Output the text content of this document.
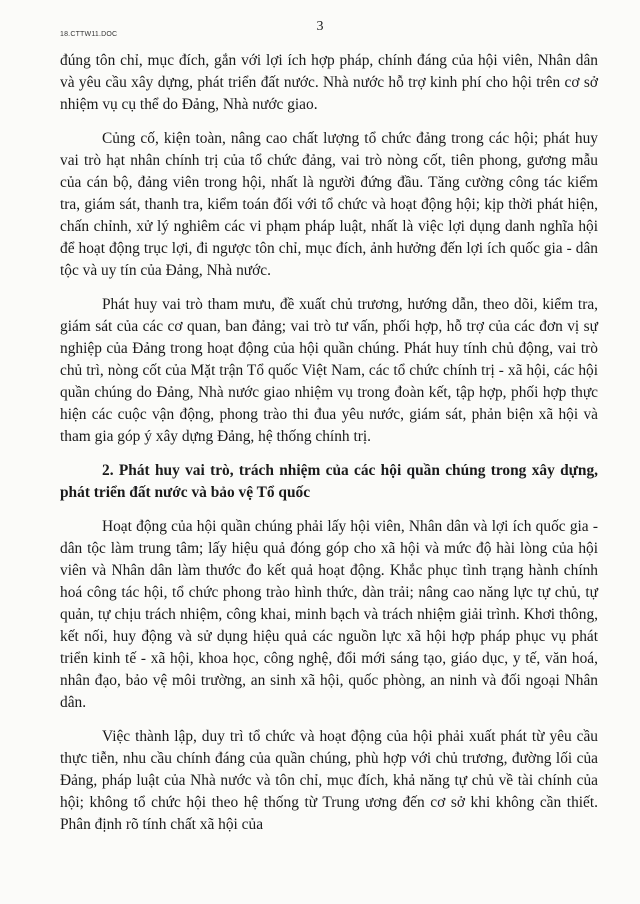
18.CTTW11.DOC
3

đúng tôn chỉ, mục đích, gắn với lợi ích hợp pháp, chính đáng của hội viên, Nhân dân và yêu cầu xây dựng, phát triển đất nước. Nhà nước hỗ trợ kinh phí cho hội trên cơ sở nhiệm vụ cụ thể do Đảng, Nhà nước giao.

Củng cố, kiện toàn, nâng cao chất lượng tổ chức đảng trong các hội; phát huy vai trò hạt nhân chính trị của tổ chức đảng, vai trò nòng cốt, tiên phong, gương mẫu của cán bộ, đảng viên trong hội, nhất là người đứng đầu. Tăng cường công tác kiểm tra, giám sát, thanh tra, kiểm toán đối với tổ chức và hoạt động hội; kịp thời phát hiện, chấn chỉnh, xử lý nghiêm các vi phạm pháp luật, nhất là việc lợi dụng danh nghĩa hội để hoạt động trục lợi, đi ngược tôn chỉ, mục đích, ảnh hưởng đến lợi ích quốc gia - dân tộc và uy tín của Đảng, Nhà nước.

Phát huy vai trò tham mưu, đề xuất chủ trương, hướng dẫn, theo dõi, kiểm tra, giám sát của các cơ quan, ban đảng; vai trò tư vấn, phối hợp, hỗ trợ của các đơn vị sự nghiệp của Đảng trong hoạt động của hội quần chúng. Phát huy tính chủ động, vai trò chủ trì, nòng cốt của Mặt trận Tổ quốc Việt Nam, các tổ chức chính trị - xã hội, các hội quần chúng do Đảng, Nhà nước giao nhiệm vụ trong đoàn kết, tập hợp, phối hợp thực hiện các cuộc vận động, phong trào thi đua yêu nước, giám sát, phản biện xã hội và tham gia góp ý xây dựng Đảng, hệ thống chính trị.

2. Phát huy vai trò, trách nhiệm của các hội quần chúng trong xây dựng, phát triển đất nước và bảo vệ Tổ quốc

Hoạt động của hội quần chúng phải lấy hội viên, Nhân dân và lợi ích quốc gia - dân tộc làm trung tâm; lấy hiệu quả đóng góp cho xã hội và mức độ hài lòng của hội viên và Nhân dân làm thước đo kết quả hoạt động. Khắc phục tình trạng hành chính hoá công tác hội, tổ chức phong trào hình thức, dàn trải; nâng cao năng lực tự chủ, tự quản, tự chịu trách nhiệm, công khai, minh bạch và trách nhiệm giải trình. Khơi thông, kết nối, huy động và sử dụng hiệu quả các nguồn lực xã hội hợp pháp phục vụ phát triển kinh tế - xã hội, khoa học, công nghệ, đổi mới sáng tạo, giáo dục, y tế, văn hoá, nhân đạo, bảo vệ môi trường, an sinh xã hội, quốc phòng, an ninh và đối ngoại Nhân dân.

Việc thành lập, duy trì tổ chức và hoạt động của hội phải xuất phát từ yêu cầu thực tiễn, nhu cầu chính đáng của quần chúng, phù hợp với chủ trương, đường lối của Đảng, pháp luật của Nhà nước và tôn chỉ, mục đích, khả năng tự chủ về tài chính của hội; không tổ chức hội theo hệ thống từ Trung ương đến cơ sở khi không cần thiết. Phân định rõ tính chất xã hội của
